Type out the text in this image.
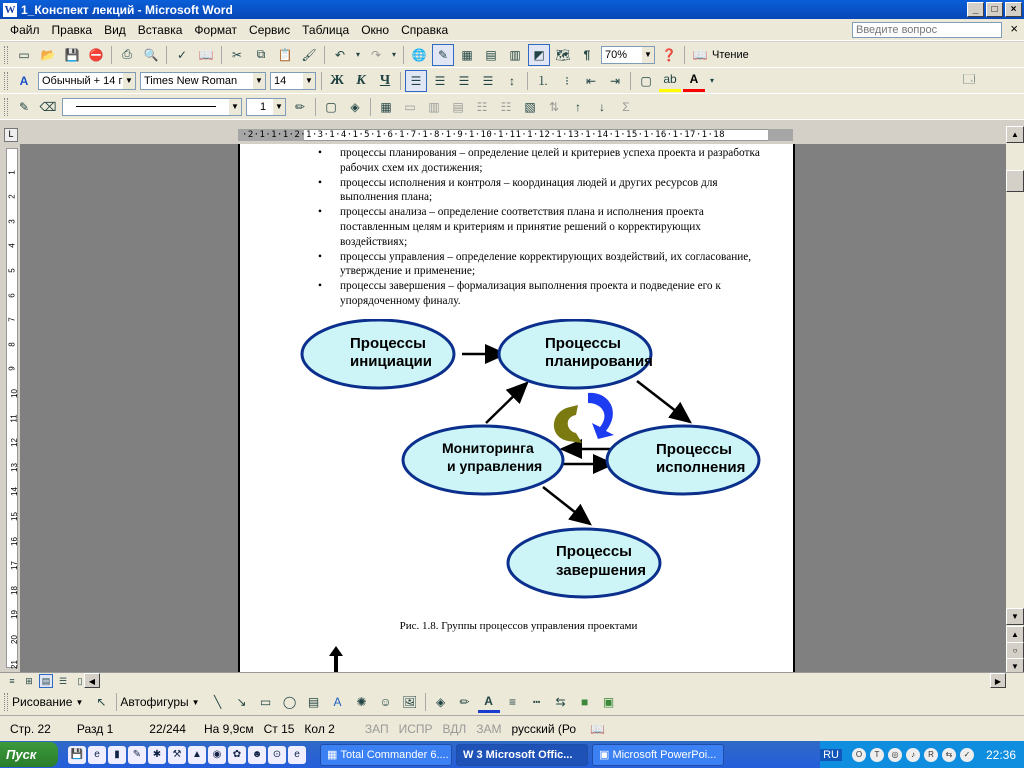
W 1_Конспект лекций - Microsoft Word	_	□	×
Файл	Правка	Вид	Вставка	Формат	Сервис	Таблица	Окно	Справка	Введите вопрос	×
▭ 📂 💾 ⛔	⎙ 🔍	✓ 📖	✂	⧉	📋 🖌	↶	▾ ↷	▾ 🌐 ✎	▦	▤	▥	◩ 🗺	¶	70% ▼ ❓ 📖 Чтение
A	Обычный + 14 г ▼ Times New Roman ▼ 14 ▼ Ж К	Ч	☰	☰	☰	☰	↕	⒈	⁝	⇤	⇥	▢ ab	A	▾	🗔
✎ ⌫	▼ 1 ▼	✏	▢	◈	▦	▭	▥	▤	☷	☷	▧	⇅	↑	↓	Σ
L	·2·1·1·1·2·1·3·1·4·1·5·1·6·1·7·1·8·1·9·1·10·1·11·1·12·1·13·1·14·1·15·1·16·1·17·1·18
1
2
3
4
5
6
7
8
9
10
11
12
13
14
15
16
17
18
19
20
21
• процессы планирования – определение целей и критериев успеха проекта и разработка рабочих схем их достижения;
• процессы исполнения и контроля – координация людей и других ресурсов для выполнения плана;
• процессы анализа – определение соответствия плана и исполнения проекта поставленным целям и критериям и принятие решений о корректирующих воздействиях;
• процессы управления – определение корректирующих воздействий, их согласование, утверждение и применение;
• процессы завершения – формализация выполнения проекта и подведение его к упорядоченному финалу.
Процессы
инициации
Процессы
планирования
Мониторинга
и управления
Процессы
исполнения
Процессы
завершения
Рис. 1.8. Группы процессов управления проектами
▲
▼
▲
○
▼
≡	⊞ ▤ ☰	▯ ◀	▶
Рисование ▼	↖	Автофигуры ▼	╲	↘	▭ ◯ ▤	A	✺	☺ 🖼	◈	✏	A	≡	┅	⇆	■	▣
Стр. 22 Разд 1	22/244 На 9,9см Ст 15 Кол 2	ЗАП ИСПР ВДЛ ЗАМ русский (Ро 📖
Пуск	💾	e	▮	✎	✱	⚒	▲	◉	✿	☻	⊙	e	▦ Total Commander 6....	W 3 Microsoft Offic...	▣ Microsoft PowerPoi...	RU	O	T	◎	♪	R	⇆	✓	22:36
